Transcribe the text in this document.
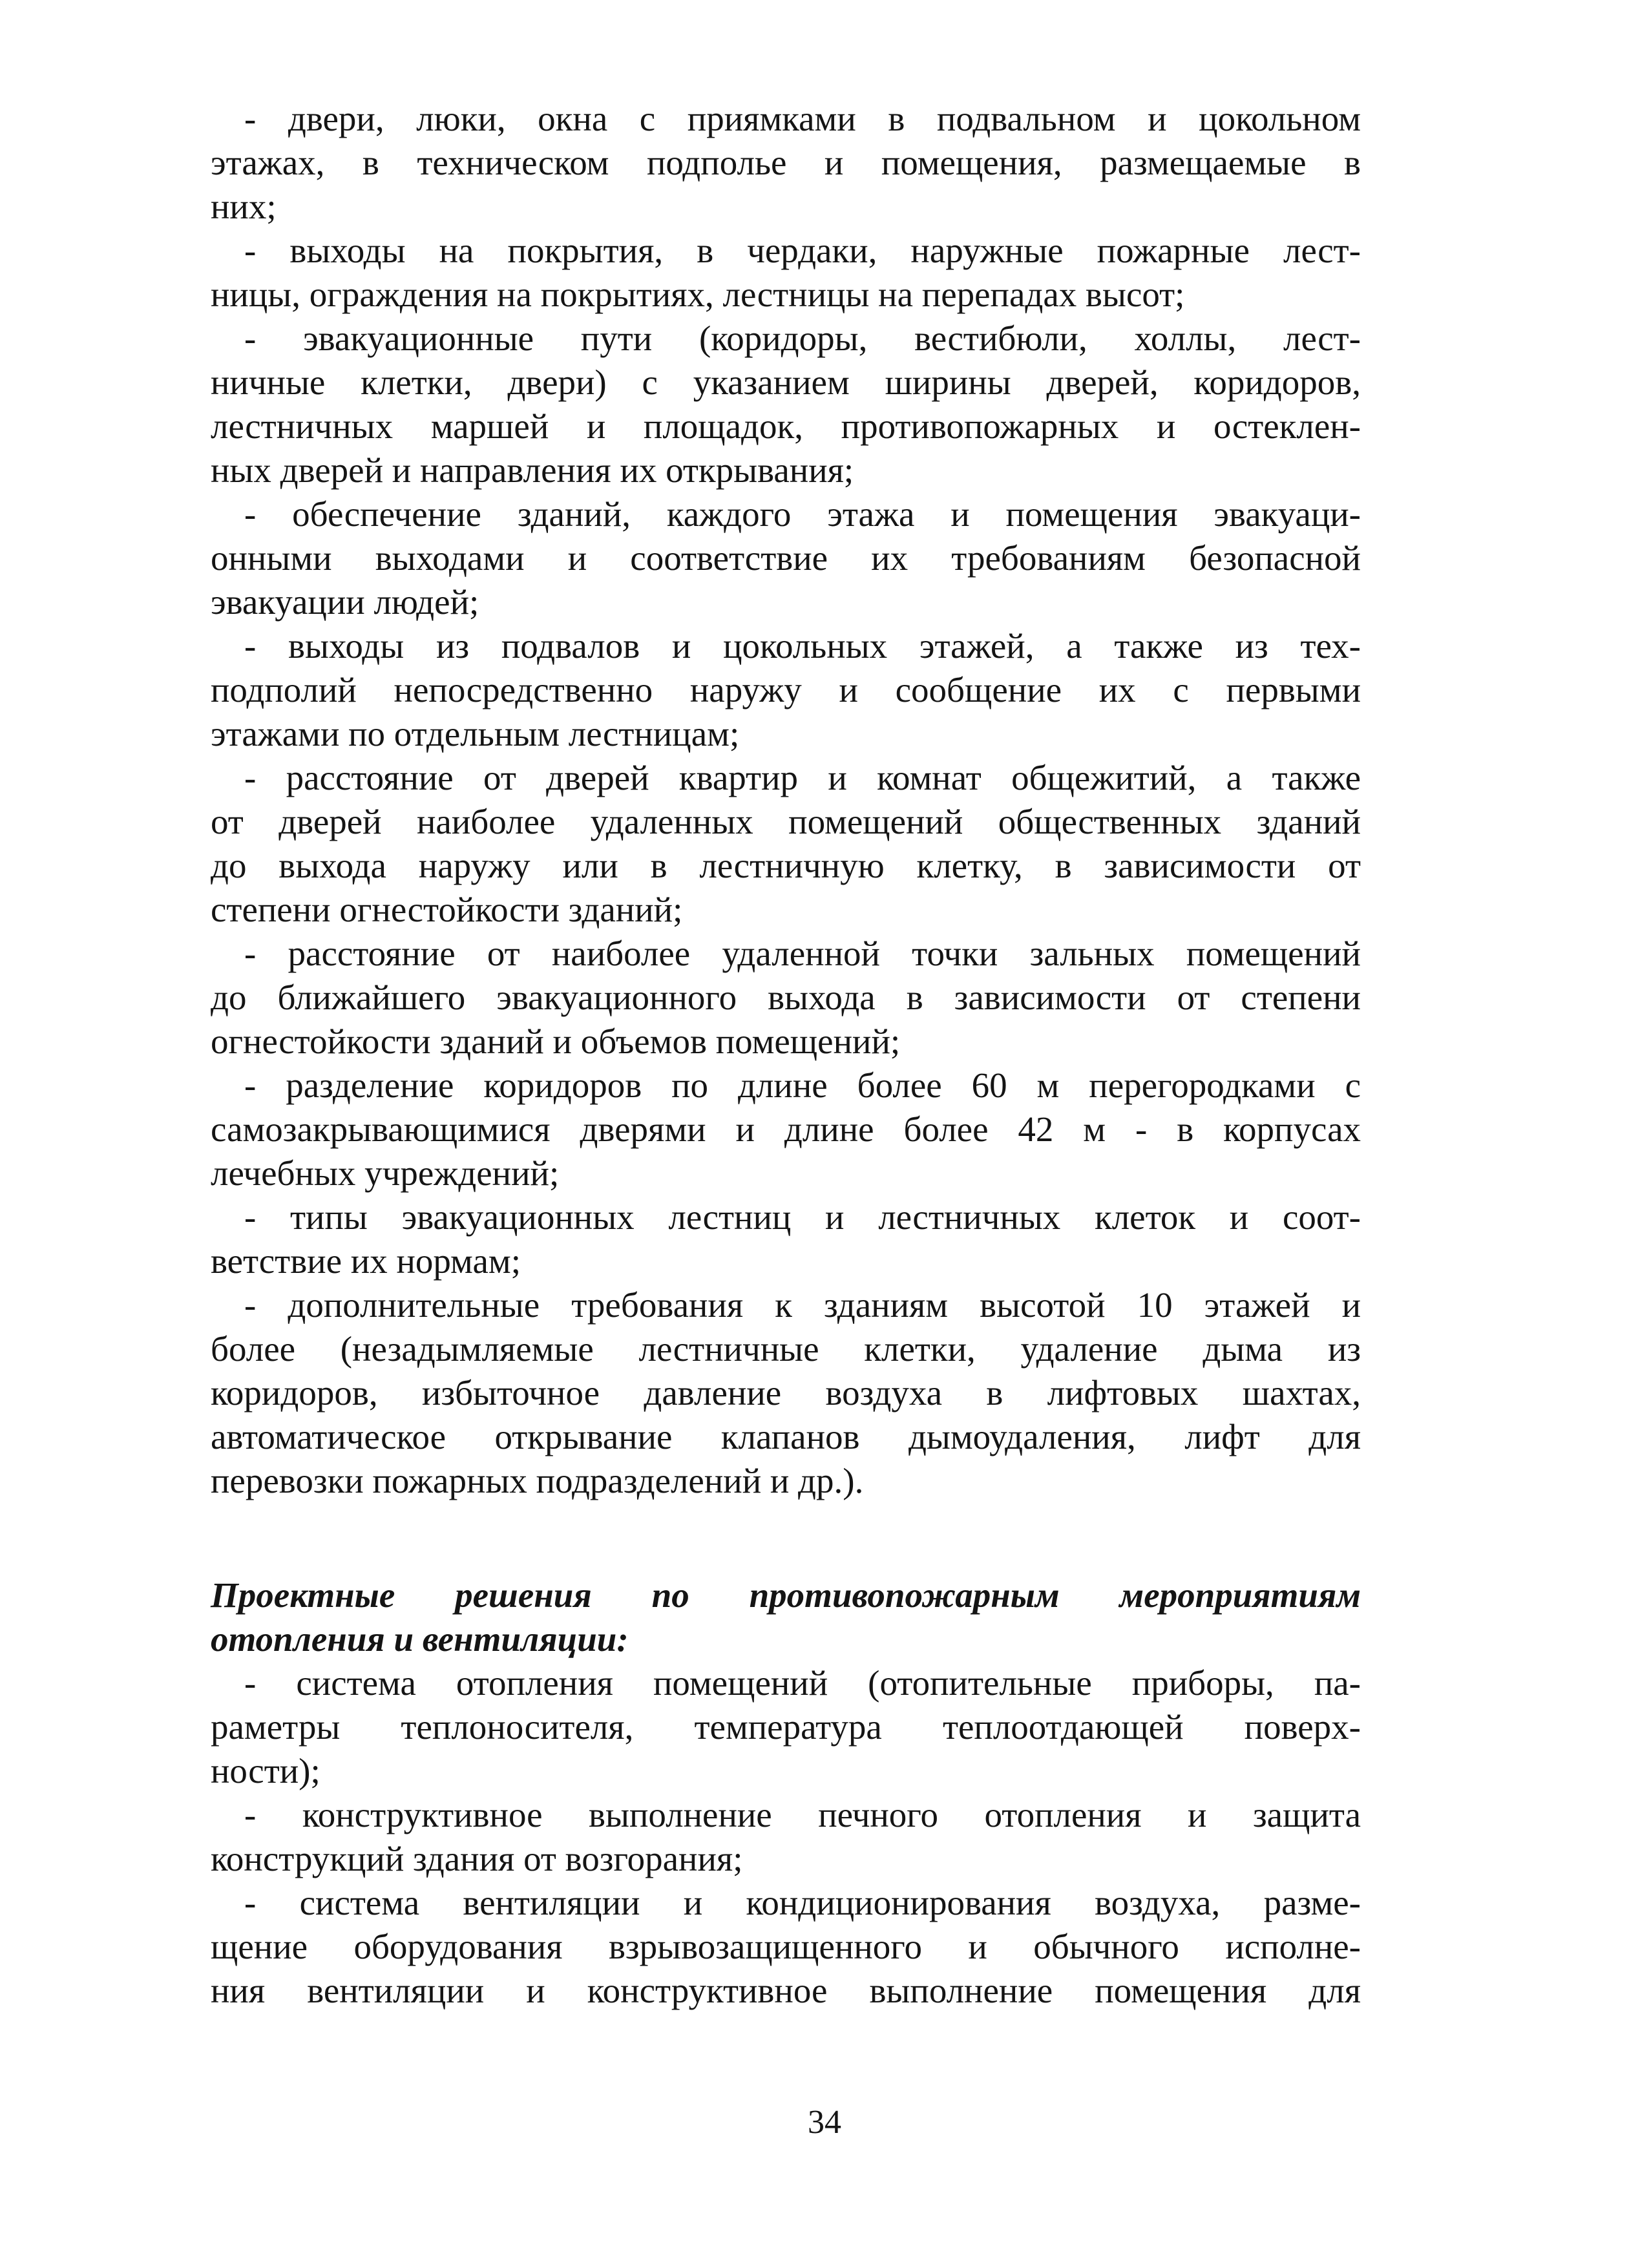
- двери, люки, окна с приямками в подвальном и цокольном
этажах, в техническом подполье и помещения, размещаемые в
них;
- выходы на покрытия, в чердаки, наружные пожарные лест-
ницы, ограждения на покрытиях, лестницы на перепадах высот;
- эвакуационные пути (коридоры, вестибюли, холлы, лест-
ничные клетки, двери) с указанием ширины дверей, коридоров,
лестничных маршей и площадок, противопожарных и остеклен-
ных дверей и направления их открывания;
- обеспечение зданий, каждого этажа и помещения эвакуаци-
онными выходами и соответствие их требованиям безопасной
эвакуации людей;
- выходы из подвалов и цокольных этажей, а также из тех-
подполий непосредственно наружу и сообщение их с первыми
этажами по отдельным лестницам;
- расстояние от дверей квартир и комнат общежитий, а также
от дверей наиболее удаленных помещений общественных зданий
до выхода наружу или в лестничную клетку, в зависимости от
степени огнестойкости зданий;
- расстояние от наиболее удаленной точки зальных помещений
до ближайшего эвакуационного выхода в зависимости от степени
огнестойкости зданий и объемов помещений;
- разделение коридоров по длине более 60 м перегородками с
самозакрывающимися дверями и длине более 42 м - в корпусах
лечебных учреждений;
- типы эвакуационных лестниц и лестничных клеток и соот-
ветствие их нормам;
- дополнительные требования к зданиям высотой 10 этажей и
более (незадымляемые лестничные клетки, удаление дыма из
коридоров, избыточное давление воздуха в лифтовых шахтах,
автоматическое открывание клапанов дымоудаления, лифт для
перевозки пожарных подразделений и др.).
Проектные решения по противопожарным мероприятиям
отопления и вентиляции:
- система отопления помещений (отопительные приборы, па-
раметры теплоносителя, температура теплоотдающей поверх-
ности);
- конструктивное выполнение печного отопления и защита
конструкций здания от возгорания;
- система вентиляции и кондиционирования воздуха, разме-
щение оборудования взрывозащищенного и обычного исполне-
ния вентиляции и конструктивное выполнение помещения для
34
